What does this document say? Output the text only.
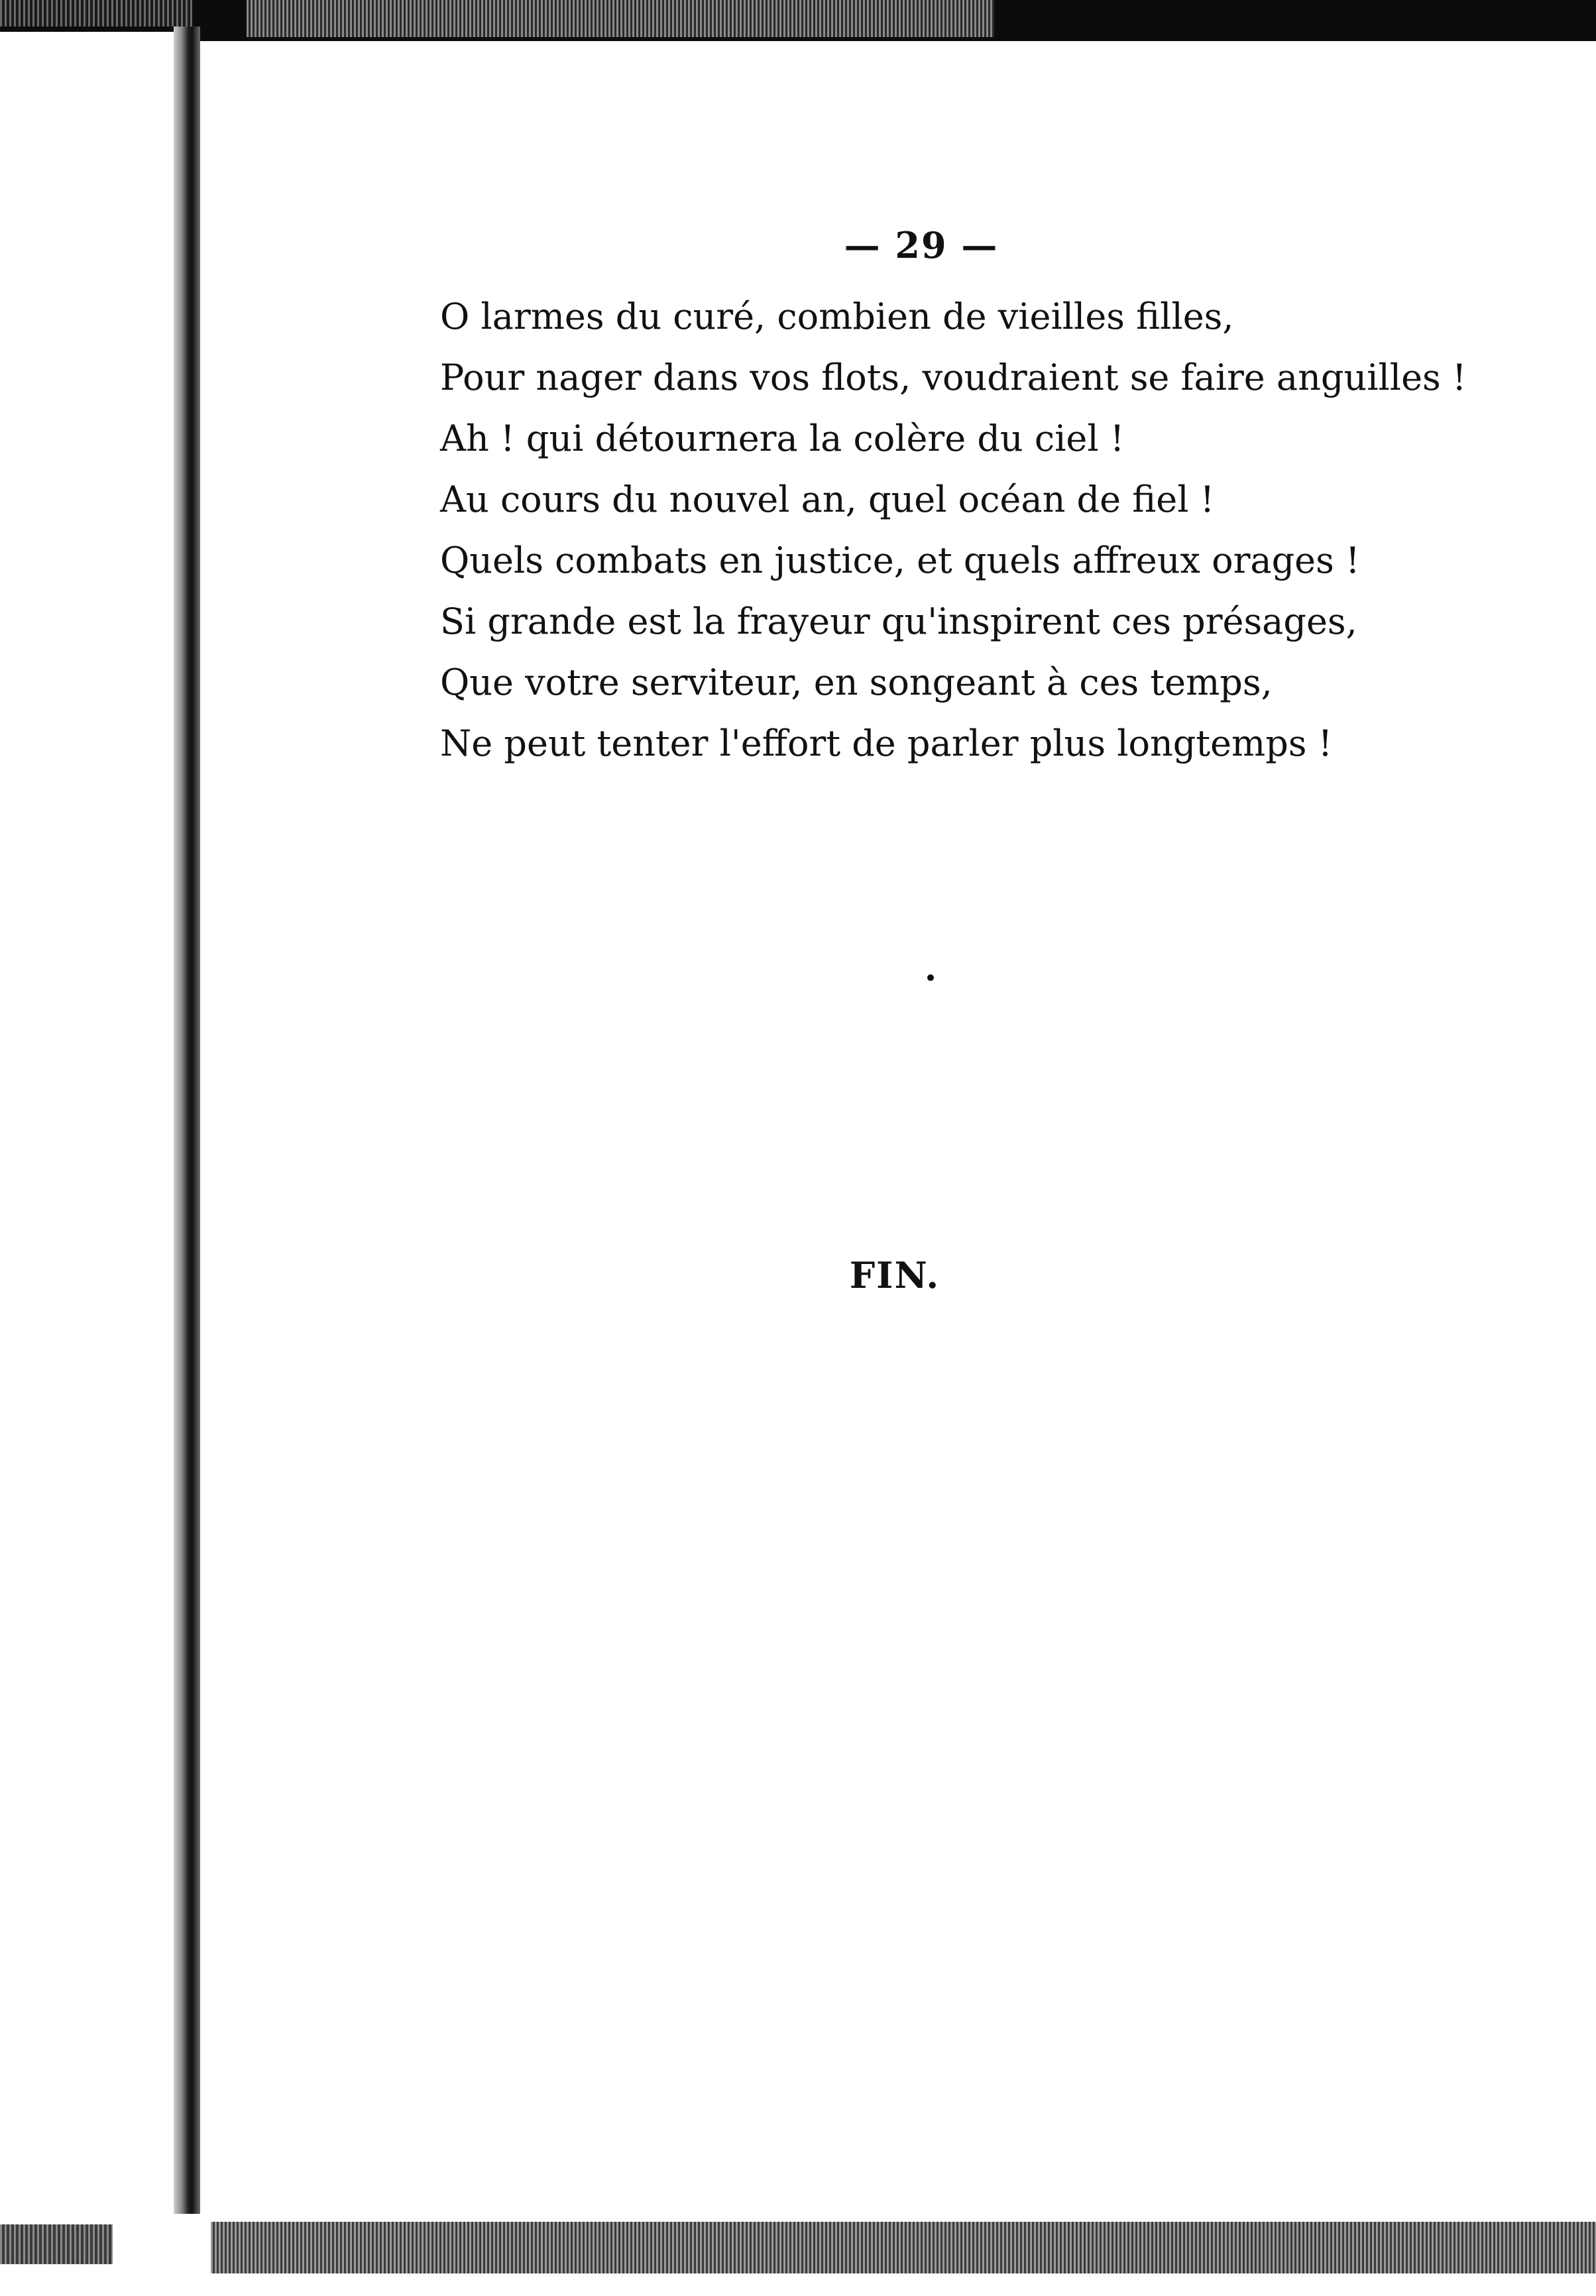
— 29 —
O larmes du curé, combien de vieilles filles,
Pour nager dans vos flots, voudraient se faire anguilles !
Ah ! qui détournera la colère du ciel !
Au cours du nouvel an, quel océan de fiel !
Quels combats en justice, et quels affreux orages !
Si grande est la frayeur qu'inspirent ces présages,
Que votre serviteur, en songeant à ces temps,
Ne peut tenter l'effort de parler plus longtemps !
FIN.
